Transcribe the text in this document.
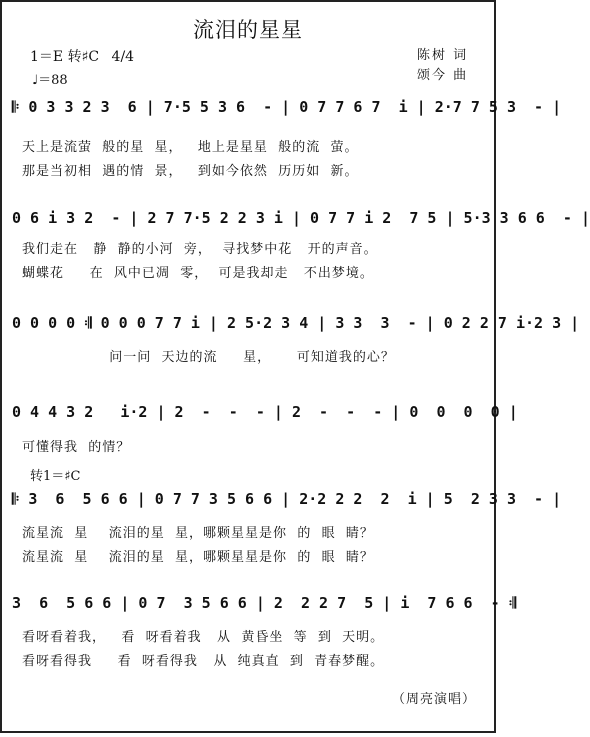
流泪的星星
1＝E 转♯C 4/4
♩＝88
陈树 词
颂今 曲
𝄆 0 3 3 2 3  6 | 7·5 5 3 6  - | 0 7 7 6 7  i | 2·7 7 5 3  - |
天上是流萤  般的星  星，   地上是星星  般的流  萤。
那是当初相  遇的情  景，   到如今依然  历历如  新。
0 6 i 3 2  - | 2 7 7·5 2 2 3 i | 0 7 7 i 2  7 5 | 5·3 3 6 6  - |
我们走在   静  静的小河  旁，  寻找梦中花   开的声音。
蝴蝶花     在  风中已凋  零，  可是我却走   不出梦境。
0 0 0 0 𝄇 0 0 0 7 7 i | 2 5·2 3 4 | 3 3  3  - | 0 2 2 7 i·2 3 |
问一问  天边的流     星，     可知道我的心？
0 4 4 3 2   i·2 | 2  -  -  - | 2  -  -  - | 0  0  0  0 |
可懂得我  的情？
转1＝♯C
𝄆 3  6  5 6 6 | 0 7 7 3 5 6 6 | 2·2 2 2  2  i | 5  2 3 3  - |
流星流  星    流泪的星  星，哪颗星星是你  的  眼  睛？
流星流  星    流泪的星  星，哪颗星星是你  的  眼  睛？
3  6  5 6 6 | 0 7  3 5 6 6 | 2  2 2 7  5 | i  7 6 6  - 𝄇
看呀看着我，   看  呀看着我   从  黄昏坐  等  到  天明。
看呀看得我     看  呀看得我   从  纯真直  到  青春梦醒。
（周亮演唱）
